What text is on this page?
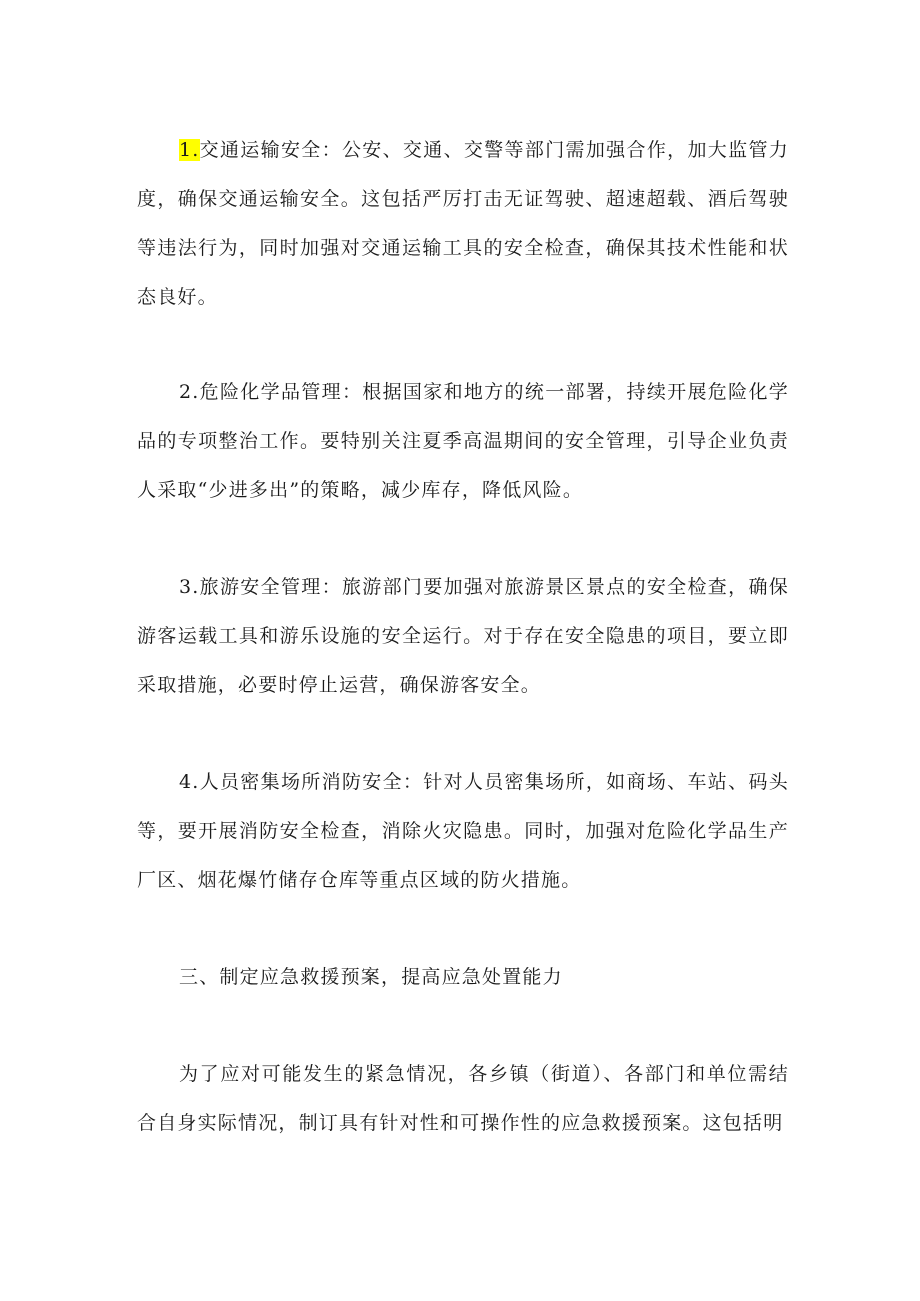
1.交通运输安全：公安、交通、交警等部门需加强合作，加大监管力度，确保交通运输安全。这包括严厉打击无证驾驶、超速超载、酒后驾驶等违法行为，同时加强对交通运输工具的安全检查，确保其技术性能和状态良好。

2.危险化学品管理：根据国家和地方的统一部署，持续开展危险化学品的专项整治工作。要特别关注夏季高温期间的安全管理，引导企业负责人采取“少进多出”的策略，减少库存，降低风险。

3.旅游安全管理：旅游部门要加强对旅游景区景点的安全检查，确保游客运载工具和游乐设施的安全运行。对于存在安全隐患的项目，要立即采取措施，必要时停止运营，确保游客安全。

4.人员密集场所消防安全：针对人员密集场所，如商场、车站、码头等，要开展消防安全检查，消除火灾隐患。同时，加强对危险化学品生产厂区、烟花爆竹储存仓库等重点区域的防火措施。

三、制定应急救援预案，提高应急处置能力

为了应对可能发生的紧急情况，各乡镇（街道）、各部门和单位需结合自身实际情况，制订具有针对性和可操作性的应急救援预案。这包括明
